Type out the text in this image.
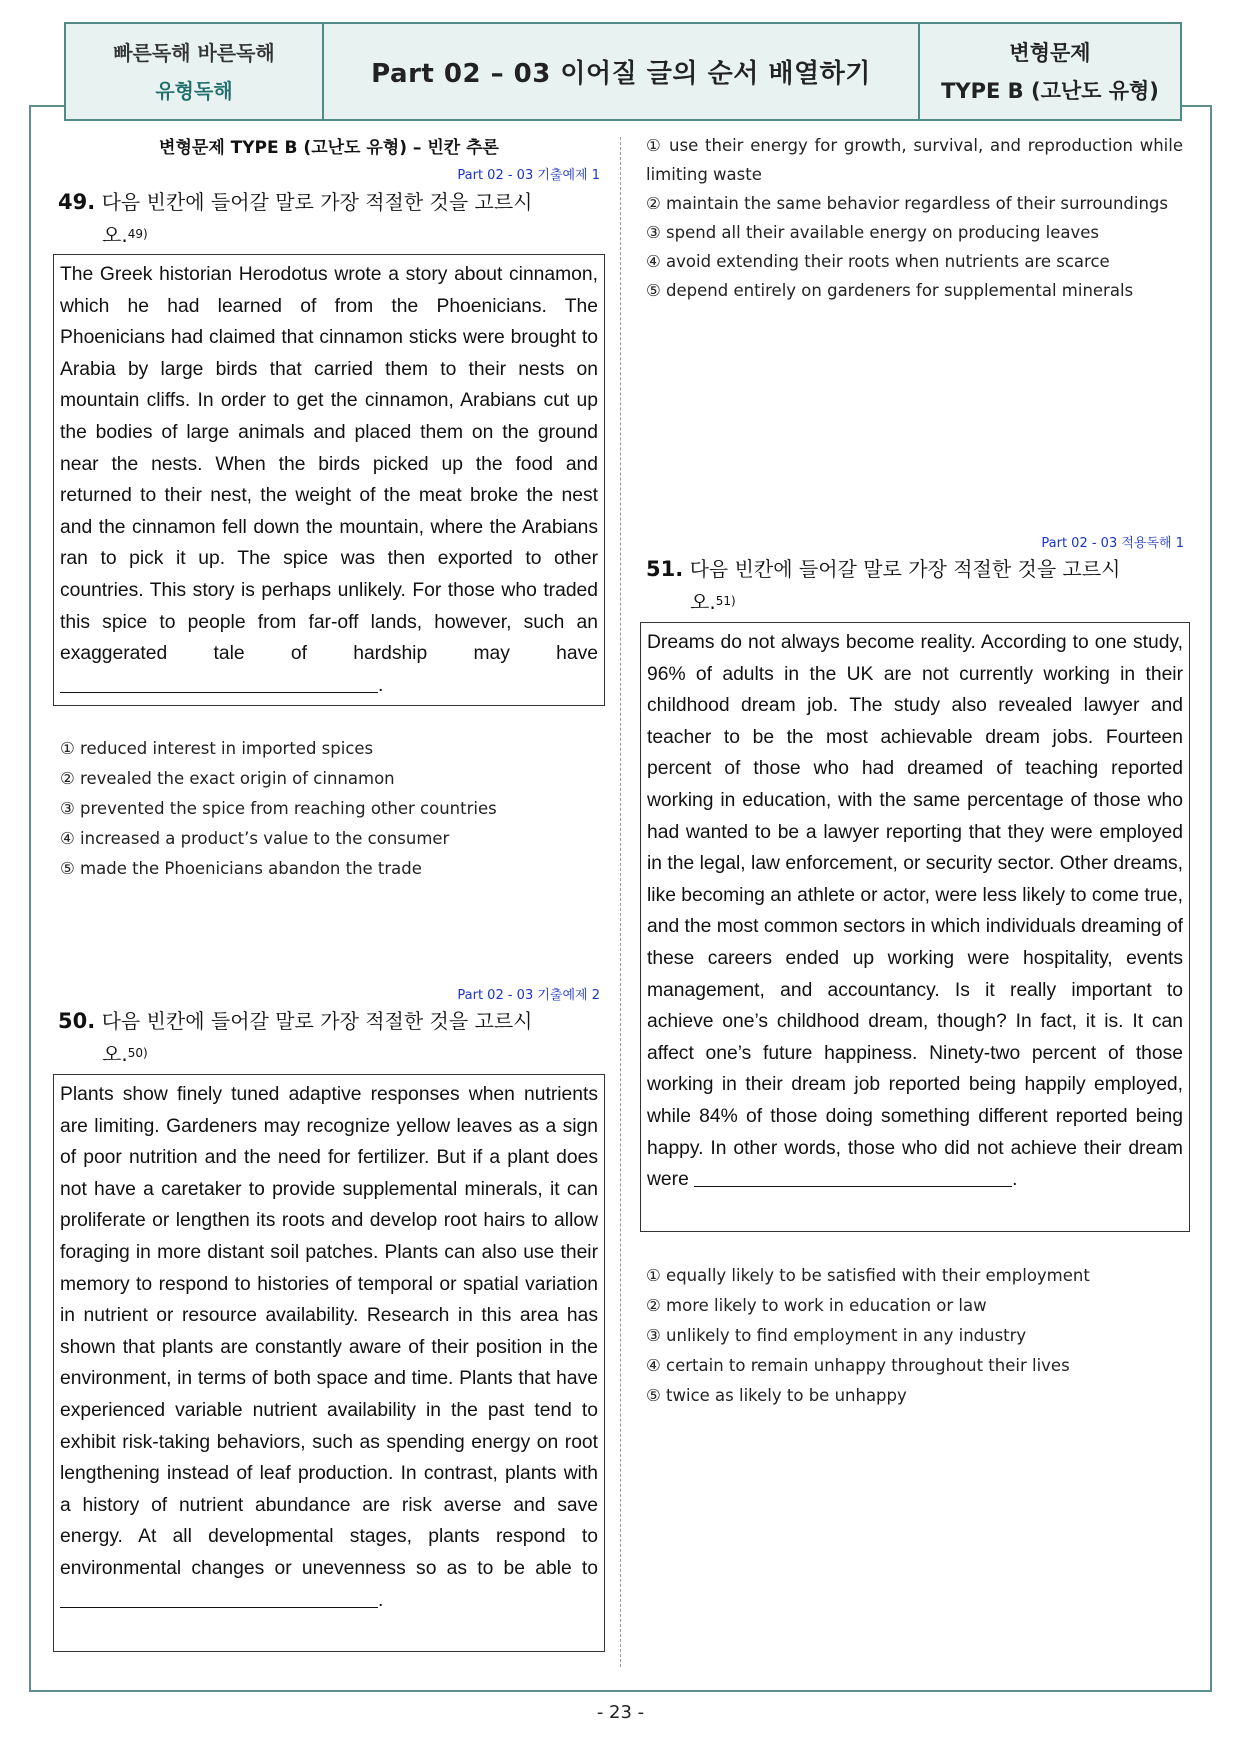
빠른독해 바른독해
유형독해
Part 02 – 03 이어질 글의 순서 배열하기
변형문제
TYPE B (고난도 유형)
변형문제 TYPE B (고난도 유형) – 빈칸 추론
Part 02 - 03 기출예제 1
49. 다음 빈칸에 들어갈 말로 가장 적절한 것을 고르시
오.$^{49)}$
The Greek historian Herodotus wrote a story about cinnamon, which he had learned of from the Phoenicians. The Phoenicians had claimed that cinnamon sticks were brought to Arabia by large birds that carried them to their nests on mountain cliffs. In order to get the cinnamon, Arabians cut up the bodies of large animals and placed them on the ground near the nests. When the birds picked up the food and returned to their nest, the weight of the meat broke the nest and the cinnamon fell down the mountain, where the Arabians ran to pick it up. The spice was then exported to other countries. This story is perhaps unlikely. For those who traded this spice to people from far-off lands, however, such an exaggerated tale of hardship may have .
① reduced interest in imported spices
② revealed the exact origin of cinnamon
③ prevented the spice from reaching other countries
④ increased a product’s value to the consumer
⑤ made the Phoenicians abandon the trade
Part 02 - 03 기출예제 2
50. 다음 빈칸에 들어갈 말로 가장 적절한 것을 고르시
오.$^{50)}$
Plants show finely tuned adaptive responses when nutrients are limiting. Gardeners may recognize yellow leaves as a sign of poor nutrition and the need for fertilizer. But if a plant does not have a caretaker to provide supplemental minerals, it can proliferate or lengthen its roots and develop root hairs to allow foraging in more distant soil patches. Plants can also use their memory to respond to histories of temporal or spatial variation in nutrient or resource availability. Research in this area has shown that plants are constantly aware of their position in the environment, in terms of both space and time. Plants that have experienced variable nutrient availability in the past tend to exhibit risk-taking behaviors, such as spending energy on root lengthening instead of leaf production. In contrast, plants with a history of nutrient abundance are risk averse and save energy. At all developmental stages, plants respond to environmental changes or unevenness so as to be able to .
① use their energy for growth, survival, and reproduction while limiting waste
② maintain the same behavior regardless of their surroundings
③ spend all their available energy on producing leaves
④ avoid extending their roots when nutrients are scarce
⑤ depend entirely on gardeners for supplemental minerals
Part 02 - 03 적용독해 1
51. 다음 빈칸에 들어갈 말로 가장 적절한 것을 고르시
오.$^{51)}$
Dreams do not always become reality. According to one study, 96% of adults in the UK are not currently working in their childhood dream job. The study also revealed lawyer and teacher to be the most achievable dream jobs. Fourteen percent of those who had dreamed of teaching reported working in education, with the same percentage of those who had wanted to be a lawyer reporting that they were employed in the legal, law enforcement, or security sector. Other dreams, like becoming an athlete or actor, were less likely to come true, and the most common sectors in which individuals dreaming of these careers ended up working were hospitality, events management, and accountancy. Is it really important to achieve one’s childhood dream, though? In fact, it is. It can affect one’s future happiness. Ninety-two percent of those working in their dream job reported being happily employed, while 84% of those doing something different reported being happy. In other words, those who did not achieve their dream were	.
① equally likely to be satisfied with their employment
② more likely to work in education or law
③ unlikely to find employment in any industry
④ certain to remain unhappy throughout their lives
⑤ twice as likely to be unhappy
- 23 -
